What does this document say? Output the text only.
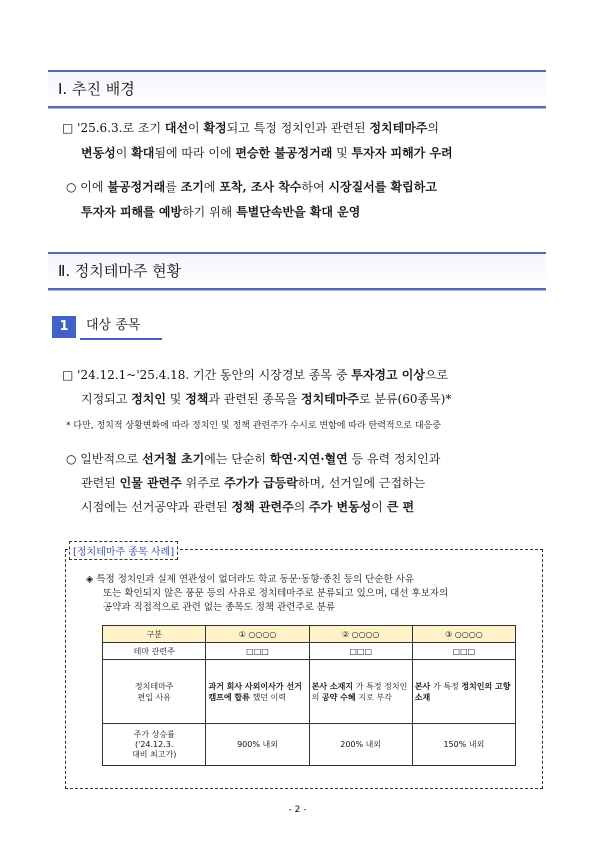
Ⅰ. 추진 배경
□ '25.6.3.로 조기 대선이 확정되고 특정 정치인과 관련된 정치테마주의
변동성이 확대됨에 따라 이에 편승한 불공정거래 및 투자자 피해가 우려
○ 이에 불공정거래를 조기에 포착, 조사 착수하여 시장질서를 확립하고
투자자 피해를 예방하기 위해 특별단속반을 확대 운영
Ⅱ. 정치테마주 현황
1	대상 종목
□ '24.12.1~'25.4.18. 기간 동안의 시장경보 종목 중 투자경고 이상으로
지정되고 정치인 및 정책과 관련된 종목을 정치테마주로 분류(60종목)*
* 다만, 정치적 상황변화에 따라 정치인 및 정책 관련주가 수시로 변함에 따라 탄력적으로 대응중
○ 일반적으로 선거철 초기에는 단순히 학연·지연·혈연 등 유력 정치인과
관련된 인물 관련주 위주로 주가가 급등락하며, 선거일에 근접하는
시점에는 선거공약과 관련된 정책 관련주의 주가 변동성이 큰 편
[정치테마주 종목 사례]
◈ 특정 정치인과 실제 연관성이 없더라도 학교 동문·동향·종친 등의 단순한 사유
또는 확인되지 않은 풍문 등의 사유로 정치테마주로 분류되고 있으며, 대선 후보자의
공약과 직접적으로 관련 없는 종목도 정책 관련주로 분류
구분	① ○○○○	② ○○○○	③ ○○○○
테마 관련주	□□□	□□□	□□□

정치테마주
편입 사유	과거 회사 사외이사가 선거 캠프에 합류 했던 이력	본사 소재지 가 특정 정치인의 공약 수혜 지로 부각	본사 가 특정 정치인의 고향 소재

주가 상승률
('24.12.3.
대비 최고가)	900% 내외	200% 내외	150% 내외
- 2 -
